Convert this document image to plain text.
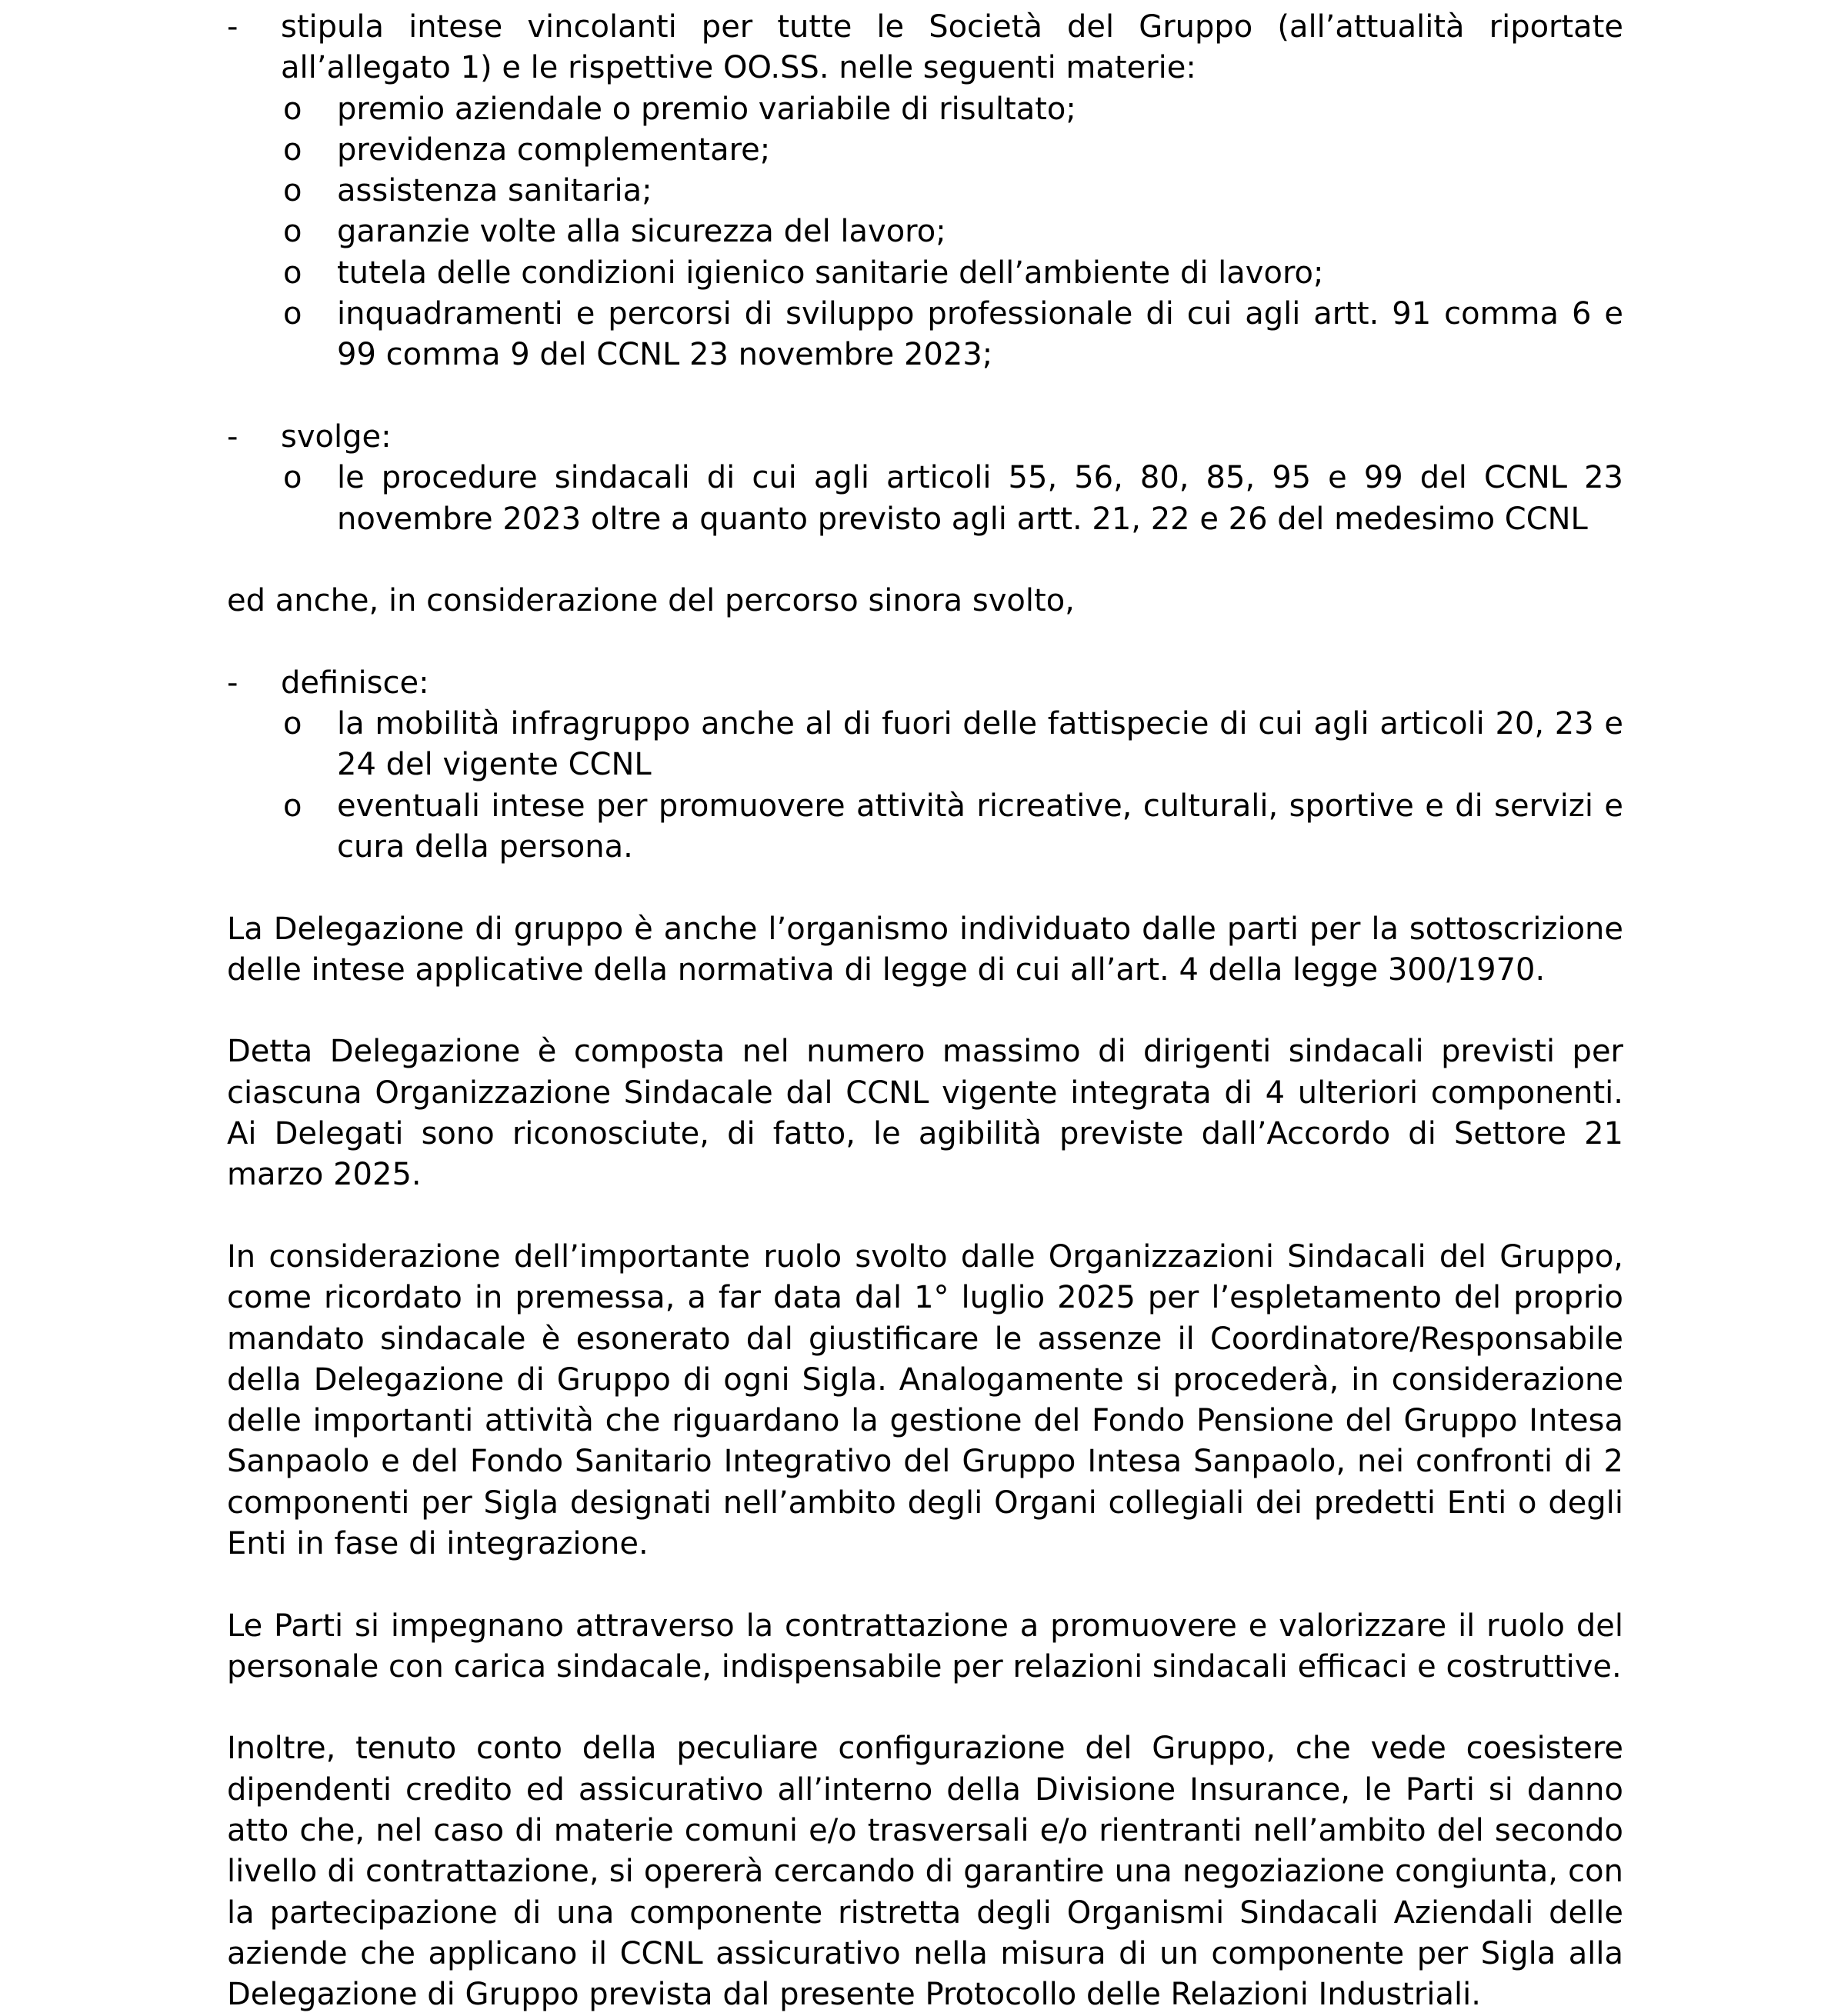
-	stipula intese vincolanti per tutte le Società del Gruppo (all’attualità riportate all’allegato 1) e le rispettive OO.SS. nelle seguenti materie:

o	premio aziendale o premio variabile di risultato;
o	previdenza complementare;
o	assistenza sanitaria;
o	garanzie volte alla sicurezza del lavoro;
o	tutela delle condizioni igienico sanitarie dell’ambiente di lavoro;
o	inquadramenti e percorsi di sviluppo professionale di cui agli artt. 91 comma 6 e 99 comma 9 del CCNL 23 novembre 2023;

-	svolge:

o	le procedure sindacali di cui agli articoli 55, 56, 80, 85, 95 e 99 del CCNL 23 novembre 2023 oltre a quanto previsto agli artt. 21, 22 e 26 del medesimo CCNL

ed anche, in considerazione del percorso sinora svolto,

-	definisce:

o	la mobilità infragruppo anche al di fuori delle fattispecie di cui agli articoli 20, 23 e 24 del vigente CCNL

o	eventuali intese per promuovere attività ricreative, culturali, sportive e di servizi e cura della persona.

La Delegazione di gruppo è anche l’organismo individuato dalle parti per la sottoscrizione delle intese applicative della normativa di legge di cui all’art. 4 della legge 300/1970.

Detta Delegazione è composta nel numero massimo di dirigenti sindacali previsti per ciascuna Organizzazione Sindacale dal CCNL vigente integrata di 4 ulteriori componenti. Ai Delegati sono riconosciute, di fatto, le agibilità previste dall’Accordo di Settore 21 marzo 2025.

In considerazione dell’importante ruolo svolto dalle Organizzazioni Sindacali del Gruppo, come ricordato in premessa, a far data dal 1° luglio 2025 per l’espletamento del proprio mandato sindacale è esonerato dal giustificare le assenze il Coordinatore/Responsabile della Delegazione di Gruppo di ogni Sigla. Analogamente si procederà, in considerazione delle importanti attività che riguardano la gestione del Fondo Pensione del Gruppo Intesa Sanpaolo e del Fondo Sanitario Integrativo del Gruppo Intesa Sanpaolo, nei confronti di 2 componenti per Sigla designati nell’ambito degli Organi collegiali dei predetti Enti o degli Enti in fase di integrazione.

Le Parti si impegnano attraverso la contrattazione a promuovere e valorizzare il ruolo del personale con carica sindacale, indispensabile per relazioni sindacali efficaci e costruttive.

Inoltre, tenuto conto della peculiare configurazione del Gruppo, che vede coesistere dipendenti credito ed assicurativo all’interno della Divisione Insurance, le Parti si danno atto che, nel caso di materie comuni e/o trasversali e/o rientranti nell’ambito del secondo livello di contrattazione, si opererà cercando di garantire una negoziazione congiunta, con la partecipazione di una componente ristretta degli Organismi Sindacali Aziendali delle aziende che applicano il CCNL assicurativo nella misura di un componente per Sigla alla Delegazione di Gruppo prevista dal presente Protocollo delle Relazioni Industriali.
